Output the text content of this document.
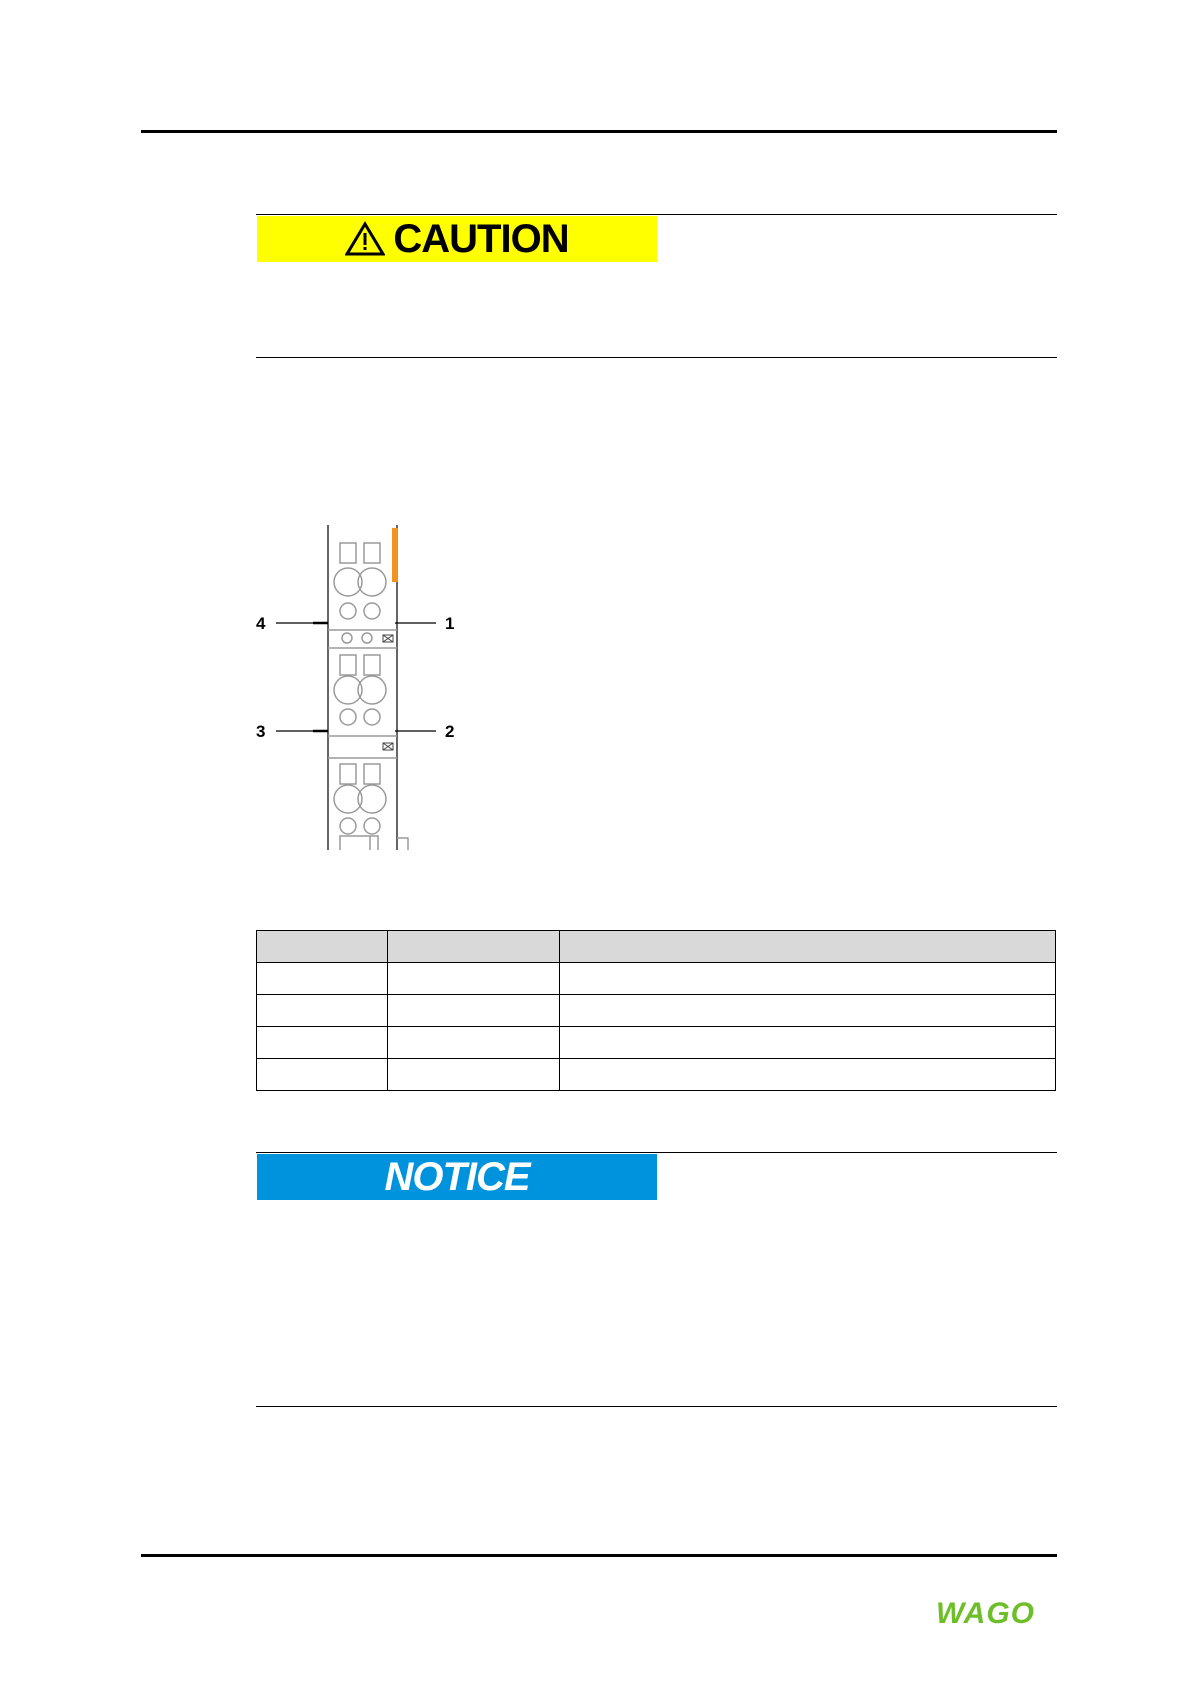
CAUTION
4
3
1
2

NOTICE
WAGO
